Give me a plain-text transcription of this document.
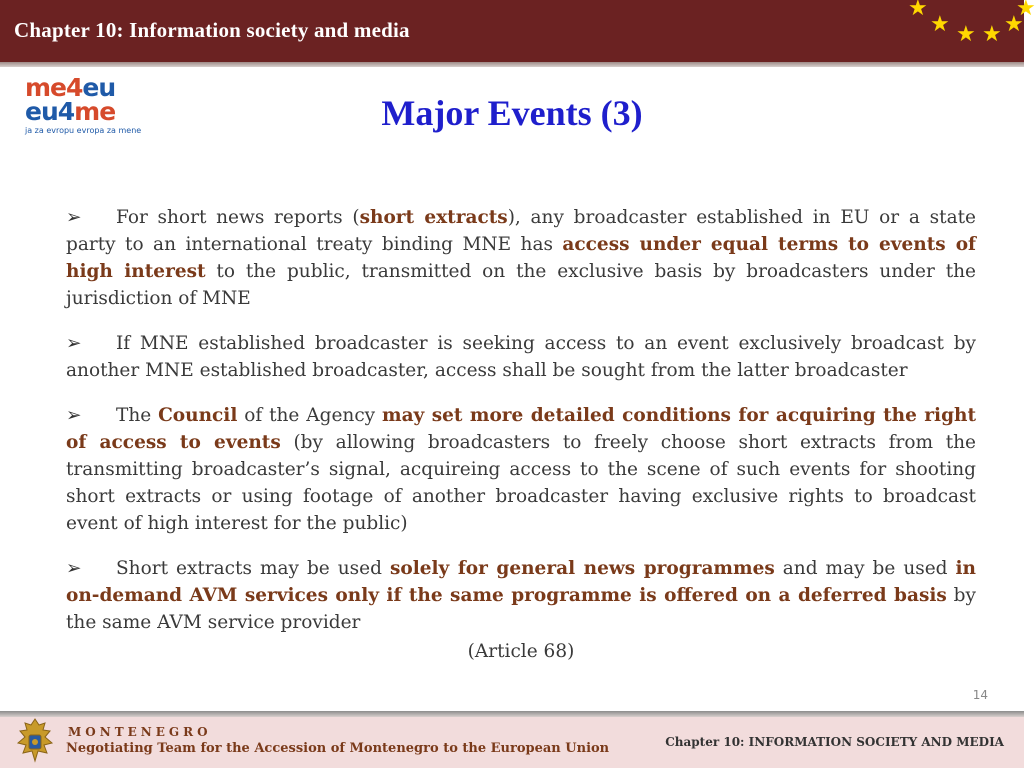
Chapter 10: Information society and media
★
★ ★ ★ ★
★
me4eu
eu4me
ja za evropu evropa za mene	Major Events (3)

➢ For short news reports (short extracts), any broadcaster established in EU or a state party to an international treaty binding MNE has access under equal terms to events of high interest to the public, transmitted on the exclusive basis by broadcasters under the jurisdiction of MNE

➢ If MNE established broadcaster is seeking access to an event exclusively broadcast by another MNE established broadcaster, access shall be sought from the latter broadcaster

➢ The Council of the Agency may set more detailed conditions for acquiring the right of access to events (by allowing broadcasters to freely choose short extracts from the transmitting broadcaster’s signal, acquireing access to the scene of such events for shooting short extracts or using footage of another broadcaster having exclusive rights to broadcast event of high interest for the public)

➢ Short extracts may be used solely for general news programmes and may be used in on-demand AVM services only if the same programme is offered on a deferred basis by the same AVM service provider

(Article 68)
14
MONTENEGRO
Negotiating Team for the Accession of Montenegro to the European Union	Chapter 10: INFORMATION SOCIETY AND MEDIA
